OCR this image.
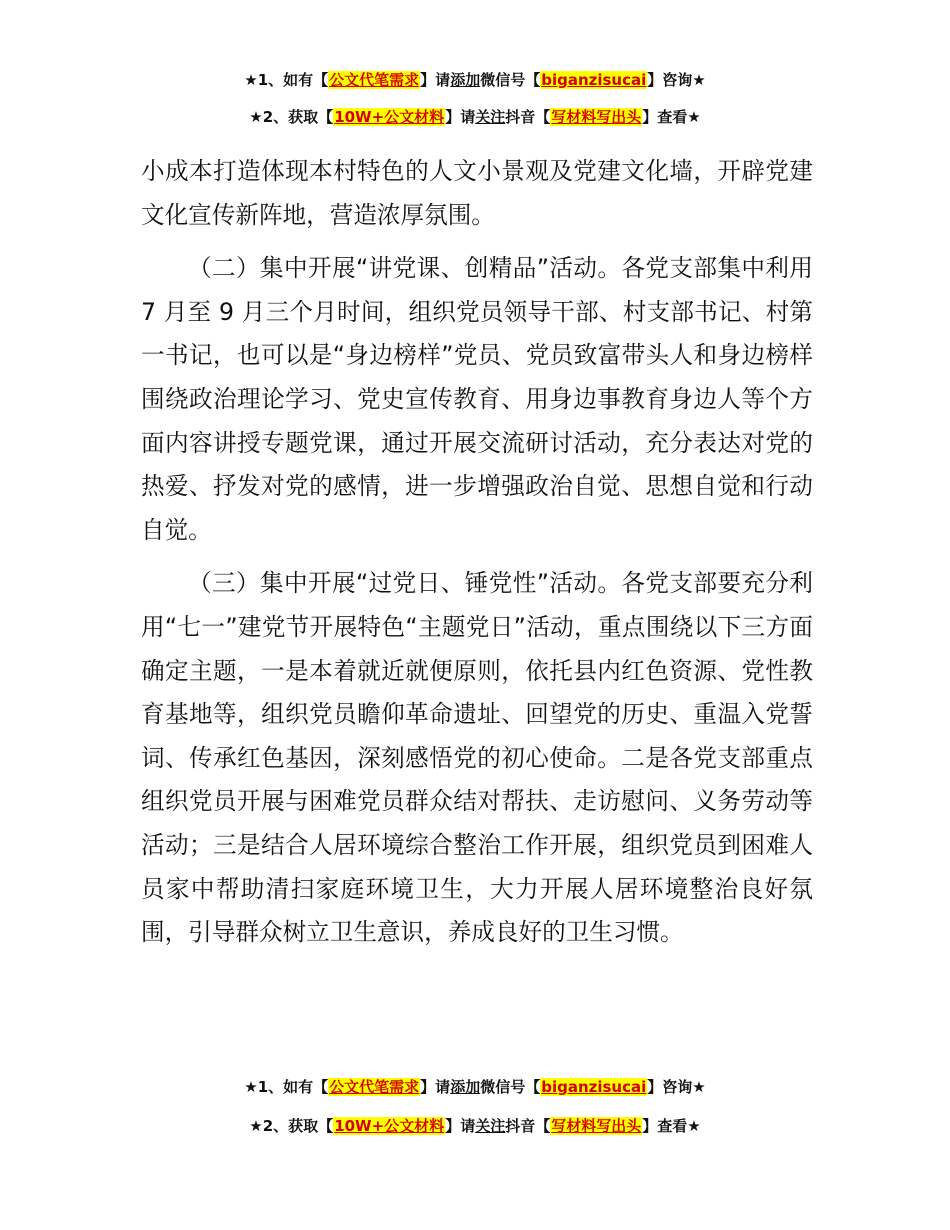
★1、如有【公文代笔需求】请添加微信号【biganzisucai】咨询★
★2、获取【10W+公文材料】请关注抖音【写材料写出头】查看★

小成本打造体现本村特色的人文小景观及党建文化墙，开辟党建文化宣传新阵地，营造浓厚氛围。

（二）集中开展“讲党课、创精品”活动。各党支部集中利用 7 月至 9 月三个月时间，组织党员领导干部、村支部书记、村第一书记，也可以是“身边榜样”党员、党员致富带头人和身边榜样围绕政治理论学习、党史宣传教育、用身边事教育身边人等个方面内容讲授专题党课，通过开展交流研讨活动，充分表达对党的热爱、抒发对党的感情，进一步增强政治自觉、思想自觉和行动自觉。

（三）集中开展“过党日、锤党性”活动。各党支部要充分利用“七一”建党节开展特色“主题党日”活动，重点围绕以下三方面确定主题，一是本着就近就便原则，依托县内红色资源、党性教育基地等，组织党员瞻仰革命遗址、回望党的历史、重温入党誓词、传承红色基因，深刻感悟党的初心使命。二是各党支部重点组织党员开展与困难党员群众结对帮扶、走访慰问、义务劳动等活动；三是结合人居环境综合整治工作开展，组织党员到困难人员家中帮助清扫家庭环境卫生，大力开展人居环境整治良好氛围，引导群众树立卫生意识，养成良好的卫生习惯。

★1、如有【公文代笔需求】请添加微信号【biganzisucai】咨询★
★2、获取【10W+公文材料】请关注抖音【写材料写出头】查看★
